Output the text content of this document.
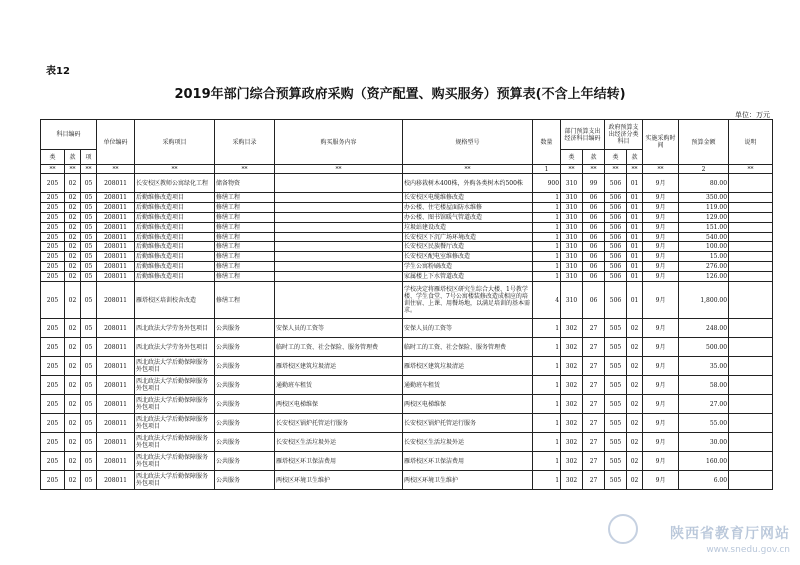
表12
2019年部门综合预算政府采购（资产配置、购买服务）预算表(不含上年结转)
单位：万元
科目编码			单位编码	采购项目	采购目录	购买服务内容	规格型号	数量	部门预算支出经济科目编码		政府预算支出经济分类科目		实施采购时间	预算金额	说明
类	款	项							类	款	类	款			
**	**	**	**	**	**	**	**	1	**	**	**	**	**	2	**
205	02	05	208011	长安校区教师公寓绿化工程	储备物资		校内移栽树木400株，外购各类树木约500株	900	310	99	506	01	9月	80.00	
205	02	05	208011	后勤维修改造项目	修缮工程		长安校区电缆维修改造	1	310	06	506	01	9月	350.00	
205	02	05	208011	后勤维修改造项目	修缮工程		办公楼、住宅楼屋面防水维修	1	310	06	506	01	9月	119.00	
205	02	05	208011	后勤维修改造项目	修缮工程		办公楼、图书馆暖气管道改造	1	310	06	506	01	9月	129.00	
205	02	05	208011	后勤维修改造项目	修缮工程		垃圾站建设改造	1	310	06	506	01	9月	151.00	
205	02	05	208011	后勤维修改造项目	修缮工程		长安校区下沉广场环境改造	1	310	06	506	01	9月	540.00	
205	02	05	208011	后勤维修改造项目	修缮工程		长安校区民族餐厅改造	1	310	06	506	01	9月	100.00	
205	02	05	208011	后勤维修改造项目	修缮工程		长安校区配电室维修改造	1	310	06	506	01	9月	15.00	
205	02	05	208011	后勤维修改造项目	修缮工程		学生公寓粉刷改造	1	310	06	506	01	9月	276.00	
205	02	05	208011	后勤维修改造项目	修缮工程		家属楼上下水管道改造	1	310	06	506	01	9月	126.00	
205	02	05	208011	雁塔校区培训校舍改造	修缮工程		学校决定将雁塔校区研究生综合大楼、1号教学楼、学生食堂、7号公寓楼装修改造成相应的培训住宿、上课、用餐场地，以满足培训的基本需求。	4	310	06	506	01	9月	1,800.00	
205	02	05	208011	西北政法大学劳务外包项目	公共服务	安保人员的工资等	安保人员的工资等	1	302	27	505	02	9月	248.00	
205	02	05	208011	西北政法大学劳务外包项目	公共服务	临时工的工资、社会保险、服务管理费	临时工的工资、社会保险、服务管理费	1	302	27	505	02	9月	500.00	
205	02	05	208011	西北政法大学后勤保障服务外包项目	公共服务	雁塔校区建筑垃圾清运	雁塔校区建筑垃圾清运	1	302	27	505	02	9月	35.00	
205	02	05	208011	西北政法大学后勤保障服务外包项目	公共服务	通勤班车租赁	通勤班车租赁	1	302	27	505	02	9月	58.00	
205	02	05	208011	西北政法大学后勤保障服务外包项目	公共服务	两校区电梯维保	两校区电梯维保	1	302	27	505	02	9月	27.00	
205	02	05	208011	西北政法大学后勤保障服务外包项目	公共服务	长安校区锅炉托管运行服务	长安校区锅炉托管运行服务	1	302	27	505	02	9月	55.00	
205	02	05	208011	西北政法大学后勤保障服务外包项目	公共服务	长安校区生活垃圾外运	长安校区生活垃圾外运	1	302	27	505	02	9月	30.00	
205	02	05	208011	西北政法大学后勤保障服务外包项目	公共服务	雁塔校区环卫保洁费用	雁塔校区环卫保洁费用	1	302	27	505	02	9月	160.00	
205	02	05	208011	西北政法大学后勤保障服务外包项目	公共服务	两校区环境卫生维护	两校区环境卫生维护	1	302	27	505	02	9月	6.00	
陕西省教育厅网站
www.snedu.gov.cn
